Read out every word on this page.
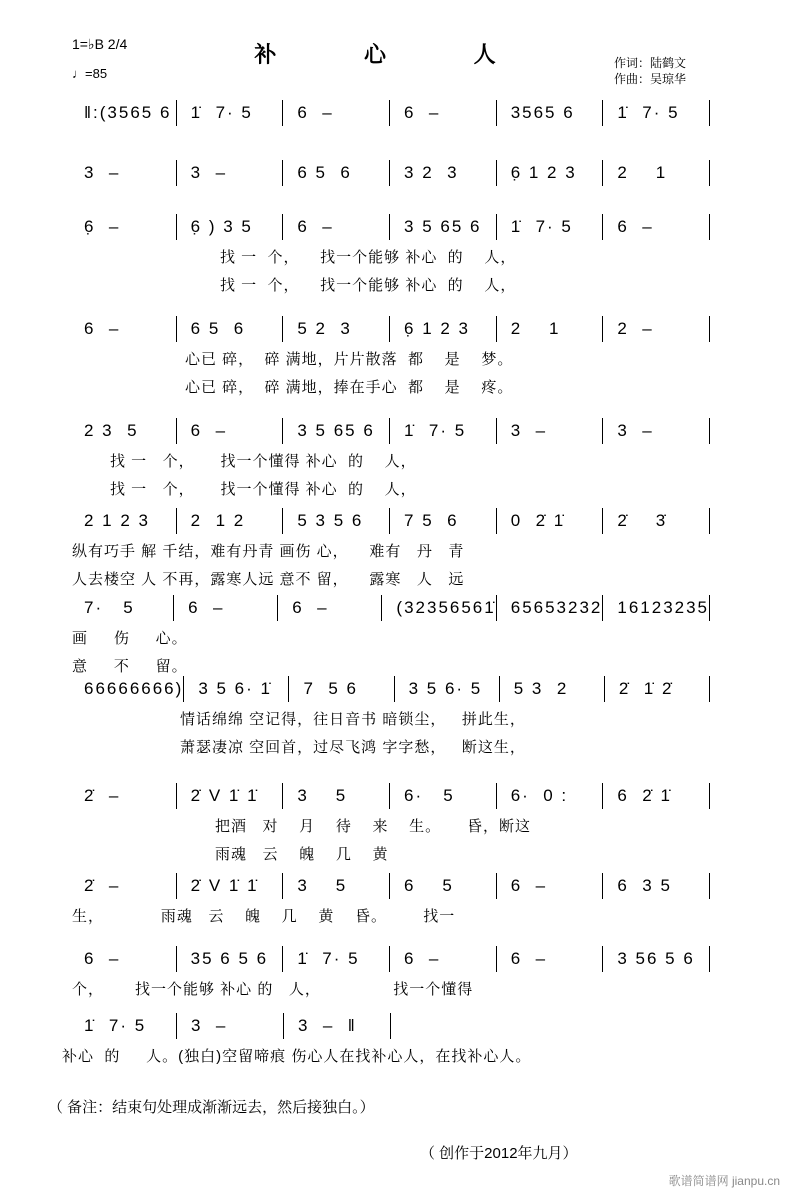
补 心 人
1=♭B 2/4
♩=85
作词：陆鹤文
作曲：吴琼华
‖:(3565 6	1̇  7· 5	6  –	6  –	3565 6	1̇  7· 5
3  –	3  –	6 5  6	3 2  3	6̣ 1 2 3	2    1
6̣  –	6̣ ) 3 5	6  –	3 5 65 6	1̇  7· 5	6  –
找 一  个，    找一个能够 补心  的    人，
找 一  个，    找一个能够 补心  的    人，
6  –	6 5  6	5 2  3	6̣ 1 2 3	2    1	2  –
心已 碎，  碎 满地，片片散落  都    是    梦。
心已 碎，  碎 满地，捧在手心  都    是    疼。
2 3  5	6  –	3 5 65 6	1̇  7· 5	3  –	3  –
找 一   个，     找一个懂得 补心  的    人，
找 一   个，     找一个懂得 补心  的    人，
2 1 2 3	2  1 2	5 3 5 6	7 5  6	0  2̇ 1̇	2̇    3̇
纵有巧手 解 千结，难有丹青 画伤 心，    难有   丹   青
人去楼空 人 不再，露寒人远 意不 留，    露寒   人   远
7·   5	6  –	6  –	(32356561̇ 65653232 16123235
画     伤     心。
意     不     留。
66666666) 3 5 6· 1̇	7  5 6	3 5 6· 5	5 3  2	2̇  1̇ 2̇
情话绵绵 空记得，往日音书 暗锁尘，   拼此生，
萧瑟凄凉 空回首，过尽飞鸿 字字愁，   断这生，
2̇  –	2̇ V 1̇ 1̇	3    5	6·   5	6·  0 :	6  2̇ 1̇
把酒   对    月    待    来    生。     昏，断这
雨魂   云    魄    几    黄
2̇  –	2̇ V 1̇ 1̇	3    5	6    5	6  –	6  3 5
生，           雨魂   云    魄    几    黄    昏。       找一
6  –	35 6 5 6	1̇  7· 5	6  –	6  –	3 56 5 6
个，      找一个能够 补心 的   人，              找一个懂得
1̇  7· 5	3  –	3  –  ‖
补心  的     人。(独白)空留啼痕 伤心人在找补心人，在找补心人。
（ 备注：结束句处理成渐渐远去，然后接独白。）
（ 创作于2012年九月）
歌谱简谱网 jianpu.cn
